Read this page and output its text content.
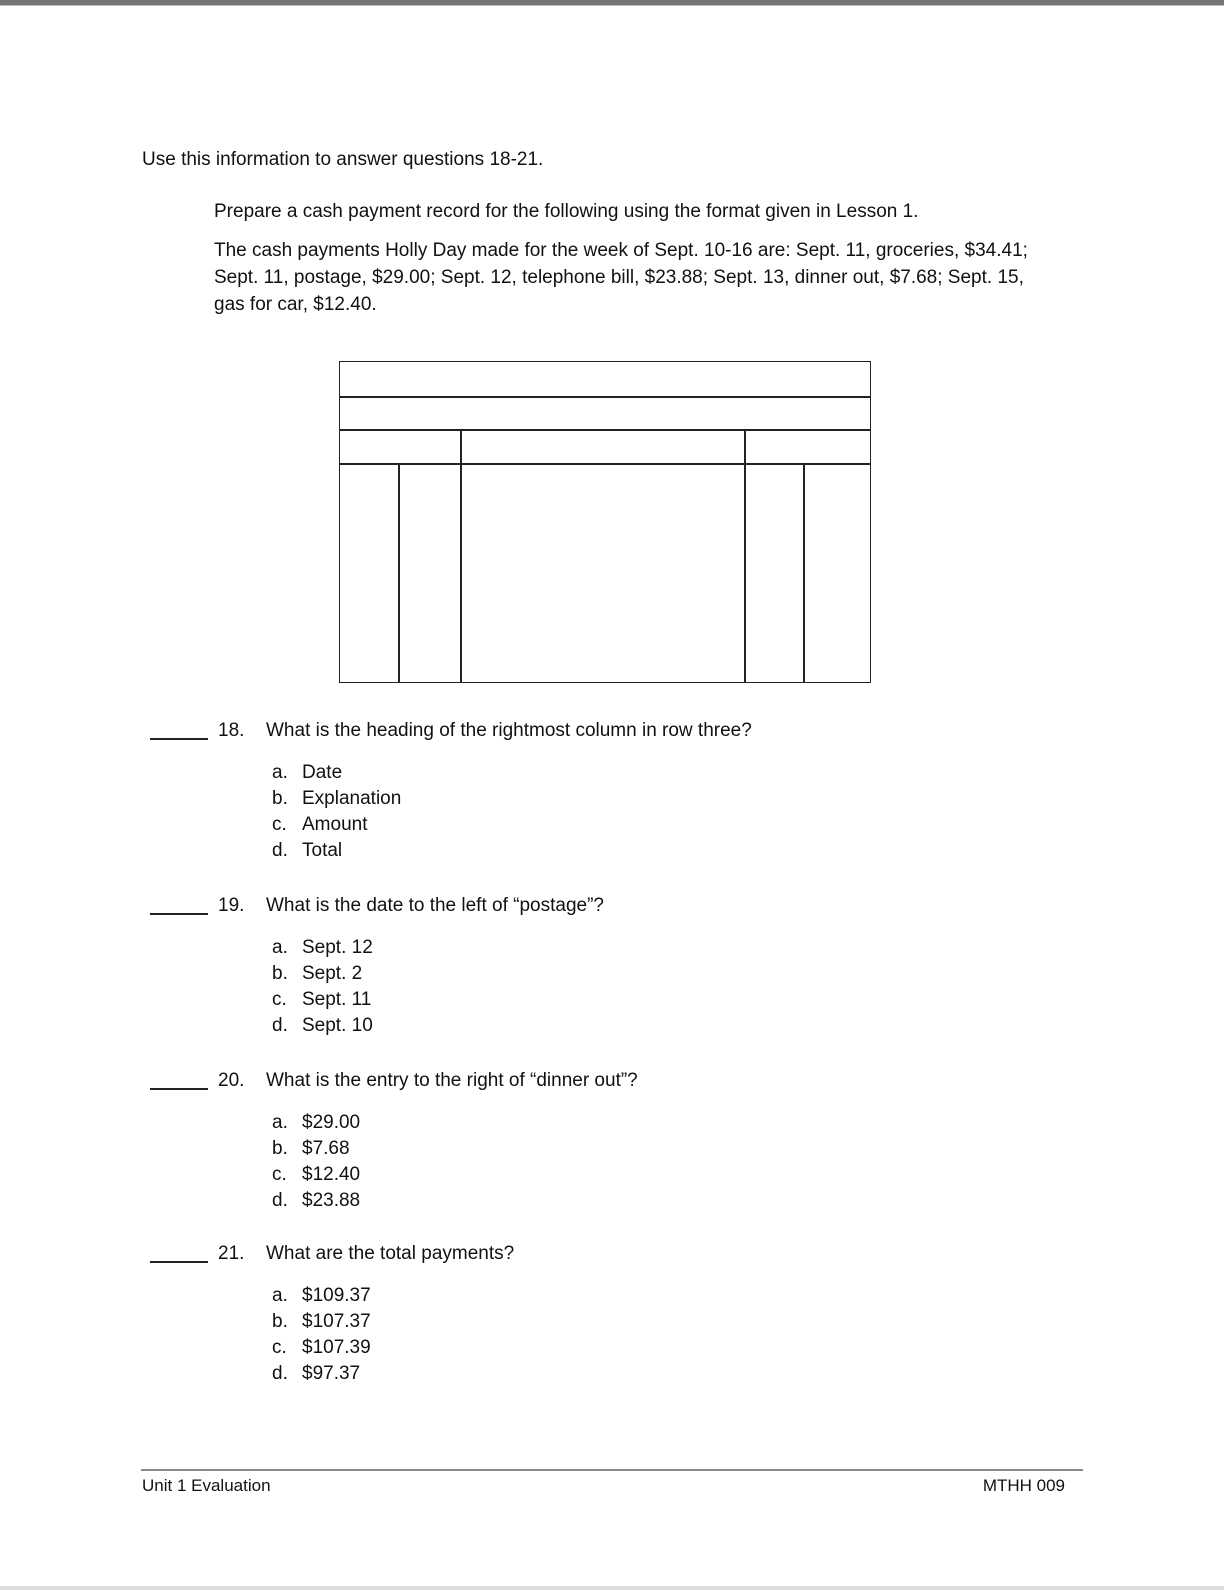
Use this information to answer questions 18-21.
Prepare a cash payment record for the following using the format given in Lesson 1.
The cash payments Holly Day made for the week of Sept. 10-16 are: Sept. 11, groceries, $34.41; Sept. 11, postage, $29.00; Sept. 12, telephone bill, $23.88; Sept. 13, dinner out, $7.68; Sept. 15, gas for car, $12.40.
18. What is the heading of the rightmost column in row three?
a. Date
b. Explanation
c. Amount
d. Total
19. What is the date to the left of “postage”?
a. Sept. 12
b. Sept. 2
c. Sept. 11
d. Sept. 10
20. What is the entry to the right of “dinner out”?
a. $29.00
b. $7.68
c. $12.40
d. $23.88
21. What are the total payments?
a. $109.37
b. $107.37
c. $107.39
d. $97.37
Unit 1 Evaluation	MTHH 009
